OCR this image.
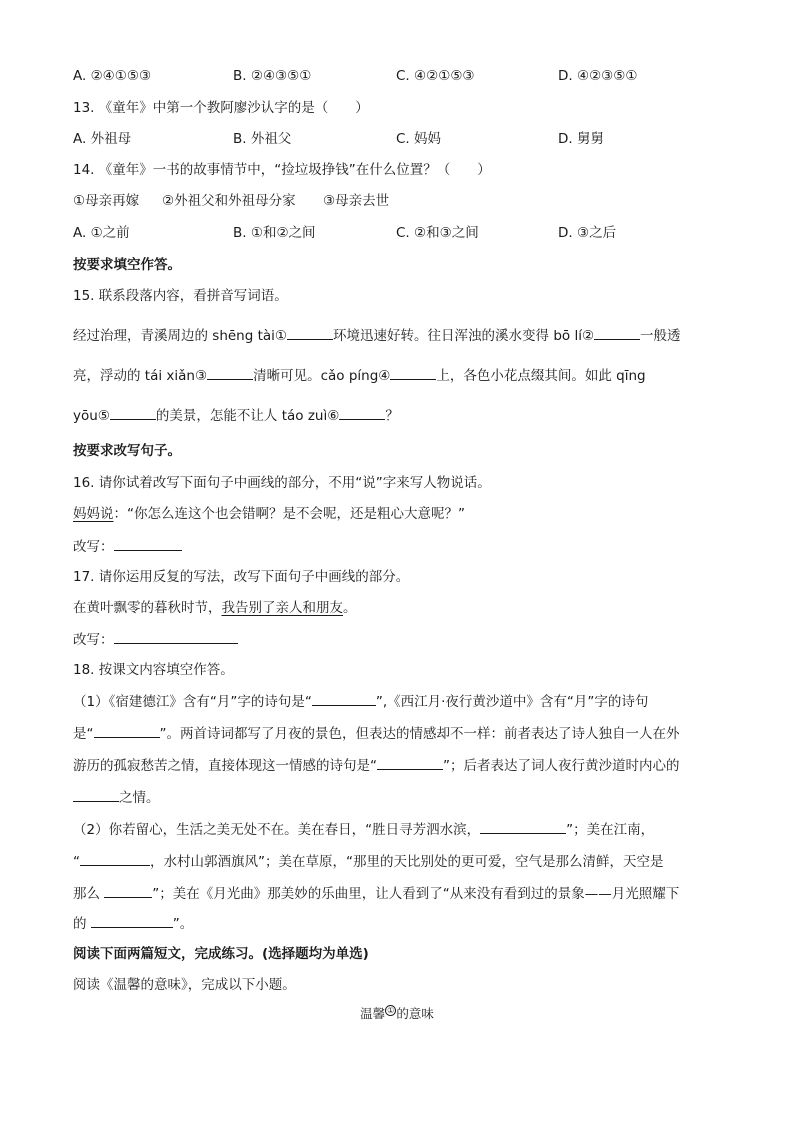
A. ②④①⑤③	B. ②④③⑤①	C. ④②①⑤③	D. ④②③⑤①
13. 《童年》中第一个教阿廖沙认字的是（　　）
A. 外祖母	B. 外祖父	C. 妈妈	D. 舅舅
14. 《童年》一书的故事情节中，“捡垃圾挣钱”在什么位置？（　　）
①母亲再嫁 ②外祖父和外祖母分家 ③母亲去世
A. ①之前	B. ①和②之间	C. ②和③之间	D. ③之后
按要求填空作答。
15. 联系段落内容，看拼音写词语。
经过治理，青溪周边的 shēng tài①	环境迅速好转。往日浑浊的溪水变得 bō lí②	一般透
亮，浮动的 tái xiǎn③	清晰可见。cǎo píng④	上，各色小花点缀其间。如此 qīng
yōu⑤	的美景，怎能不让人 táo zuì⑥	？
按要求改写句子。
16. 请你试着改写下面句子中画线的部分，不用“说”字来写人物说话。
妈妈说：“你怎么连这个也会错啊？是不会呢，还是粗心大意呢？”
改写：
17. 请你运用反复的写法，改写下面句子中画线的部分。
在黄叶飘零的暮秋时节，我告别了亲人和朋友。
改写：
18. 按课文内容填空作答。
（1）《宿建德江》含有“月”字的诗句是“	”,《西江月·夜行黄沙道中》含有“月”字的诗句
是“	”。两首诗词都写了月夜的景色，但表达的情感却不一样：前者表达了诗人独自一人在外
游历的孤寂愁苦之情，直接体现这一情感的诗句是“	”；后者表达了词人夜行黄沙道时内心的
之情。
（2）你若留心，生活之美无处不在。美在春日，“胜日寻芳泗水滨，	”；美在江南，
“	，水村山郭酒旗风”；美在草原，“那里的天比别处的更可爱，空气是那么清鲜，天空是
那么	”；美在《月光曲》那美妙的乐曲里，让人看到了“从来没有看到过的景象——月光照耀下
的	”。
阅读下面两篇短文，完成练习。(选择题均为单选)
阅读《温馨的意味》，完成以下小题。
温馨 ① 的意味
